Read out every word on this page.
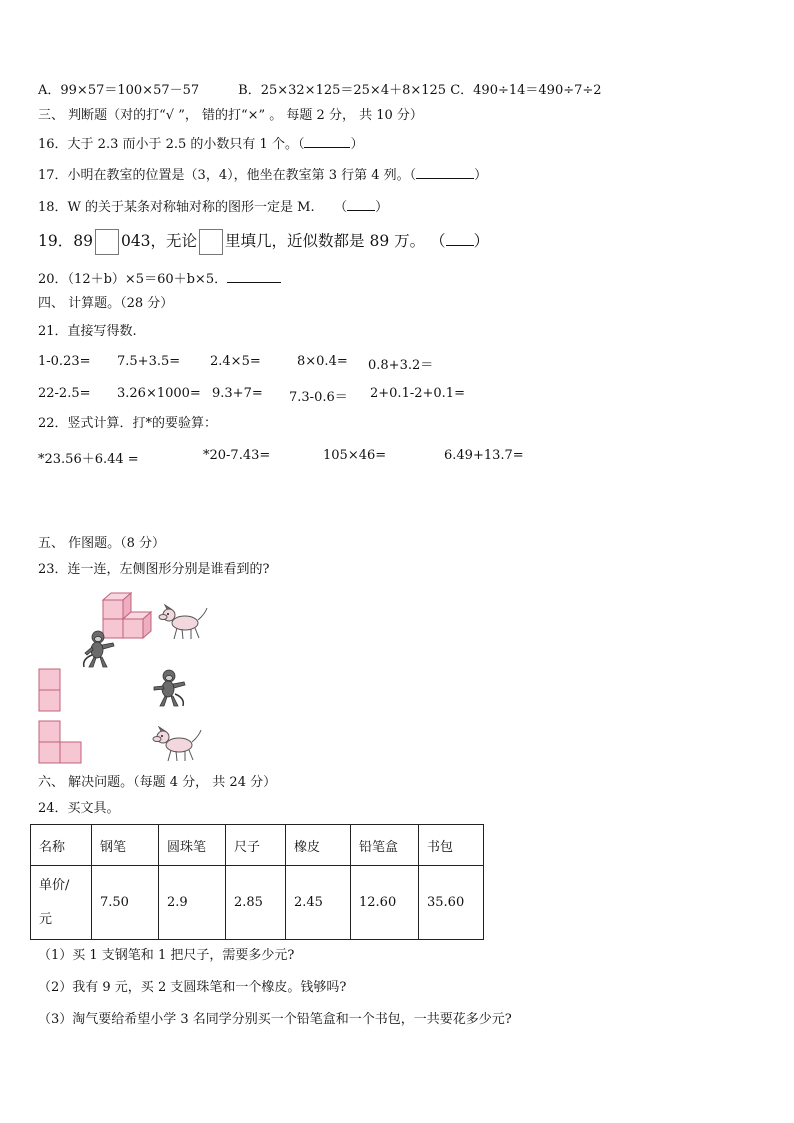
A．99×57＝100×57－57　　　B．25×32×125＝25×4＋8×125 C．490÷14＝490÷7÷2
三、 判断题（对的打“√ ”， 错的打“×” 。 每题 2 分， 共 10 分）
16．大于 2.3 而小于 2.5 的小数只有 1 个。（	）
17．小明在教室的位置是（3，4），他坐在教室第 3 行第 4 列。（	）
18．W 的关于某条对称轴对称的图形一定是 M.　　（ ）
19．89 043，无论 里填几，近似数都是 89 万。 （ ）
20．（12＋b）×5＝60＋b×5．
四、 计算题。（28 分）
21．直接写得数.
1-0.23= 7.5+3.5= 2.4×5=	8×0.4= 0.8+3.2＝
22-2.5= 3.26×1000= 9.3+7= 7.3-0.6＝ 2+0.1-2+0.1=
22．竖式计算．打*的要验算：
*23.56＋6.44 =	*20-7.43=	105×46=	6.49+13.7=
五、 作图题。（8 分）
23．连一连，左侧图形分别是谁看到的?
六、 解决问题。（每题 4 分， 共 24 分）
24．买文具。
名称	钢笔	圆珠笔	尺子	橡皮	铅笔盒	书包

单价/
元	7.50	2.9	2.85	2.45	12.60	35.60
（1）买 1 支钢笔和 1 把尺子，需要多少元?
（2）我有 9 元，买 2 支圆珠笔和一个橡皮。钱够吗?
（3）淘气要给希望小学 3 名同学分别买一个铅笔盒和一个书包，一共要花多少元?
